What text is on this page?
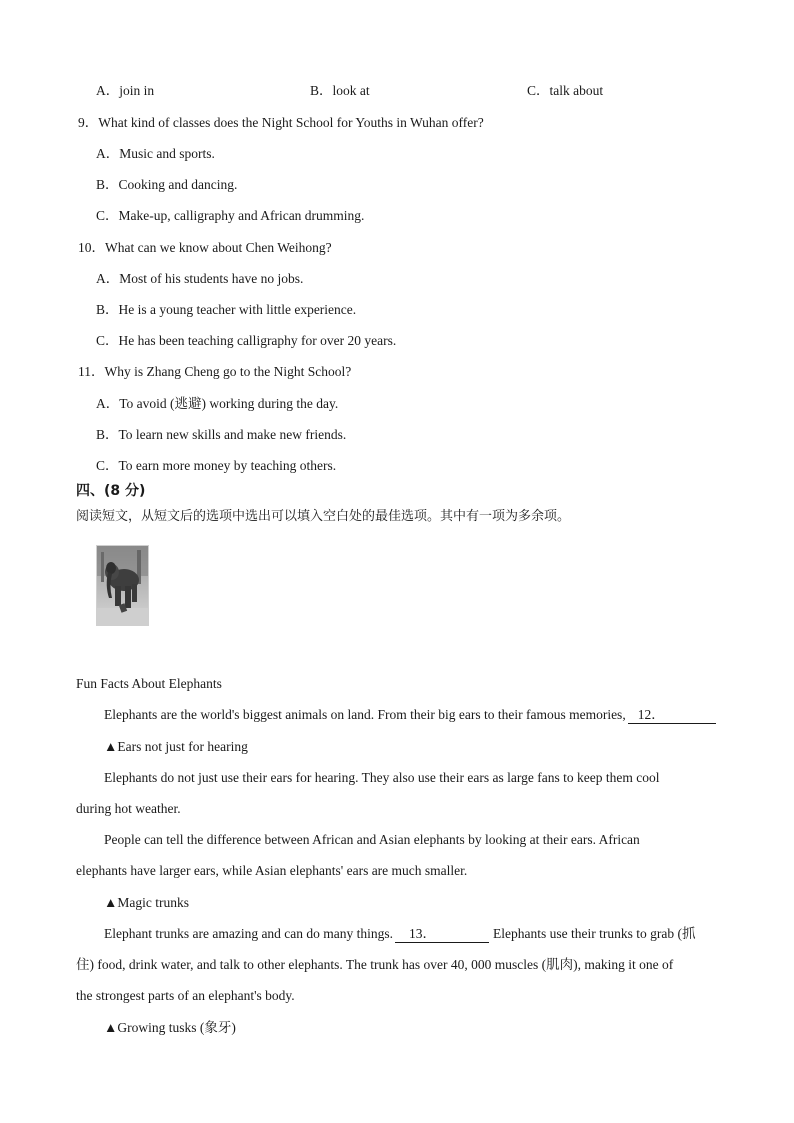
A．join in	B．look at	C．talk about
9．What kind of classes does the Night School for Youths in Wuhan offer?
A．Music and sports.
B．Cooking and dancing.
C．Make-up, calligraphy and African drumming.
10．What can we know about Chen Weihong?
A．Most of his students have no jobs.
B．He is a young teacher with little experience.
C．He has been teaching calligraphy for over 20 years.
11．Why is Zhang Cheng go to the Night School?
A．To avoid (逃避) working during the day.
B．To learn new skills and make new friends.
C．To earn more money by teaching others.
四、(8 分)
阅读短文，从短文后的选项中选出可以填入空白处的最佳选项。其中有一项为多余项。
Fun Facts About Elephants
Elephants are the world's biggest animals on land. From their big ears to their famous memories, 12．
▲Ears not just for hearing
Elephants do not just use their ears for hearing. They also use their ears as large fans to keep them cool
during hot weather.
People can tell the difference between African and Asian elephants by looking at their ears. African
elephants have larger ears, while Asian elephants' ears are much smaller.
▲Magic trunks
Elephant trunks are amazing and can do many things. 13．	Elephants use their trunks to grab (抓
住) food, drink water, and talk to other elephants. The trunk has over 40, 000 muscles (肌肉), making it one of
the strongest parts of an elephant's body.
▲Growing tusks (象牙)
